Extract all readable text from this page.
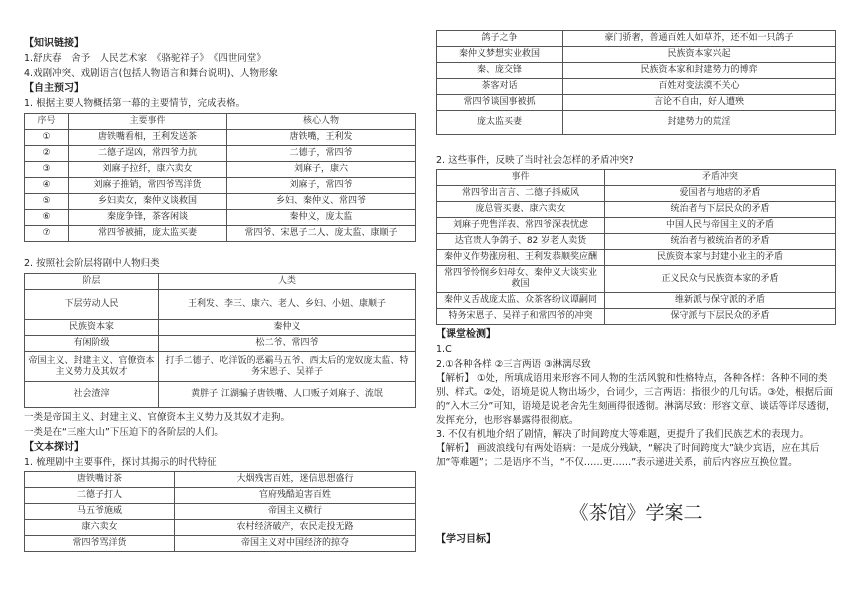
【知识链接】

1.舒庆春　舍予　人民艺术家　《骆驼祥子》　《四世同堂》

4.戏剧冲突、戏剧语言(包括人物语言和舞台说明)、人物形象

【自主预习】

1. 根据主要人物概括第一幕的主要情节，完成表格。

序号	主要事件	核心人物
①	唐铁嘴看相，王利发送茶	唐铁嘴，王利发
②	二德子逞凶，常四爷力抗	二德子，常四爷
③	刘麻子拉纤，康六卖女	刘麻子，康六
④	刘麻子推销，常四爷骂洋货	刘麻子，常四爷
⑤	乡妇卖女，秦仲义谈救国	乡妇、秦仲义、常四爷
⑥	秦庞争锋，茶客闲谈	秦仲义，庞太监
⑦	常四爷被捕，庞太监买妻	常四爷、宋恩子二人、庞太监、康顺子

2. 按照社会阶层将剧中人物归类

阶层	人类
下层劳动人民	王利发、李三、康六、老人、乡妇、小妞、康顺子
民族资本家	秦仲义
有闲阶级	松二爷、常四爷
帝国主义、封建主义、官僚资本主义势力及其奴才	打手二德子、吃洋饭的恶霸马五爷、西太后的宠奴庞太监、特务宋恩子、吴祥子
社会渣滓	黄胖子 江湖骗子唐铁嘴、人口贩子刘麻子、流氓

一类是帝国主义、封建主义、官僚资本主义势力及其奴才走狗。

一类是在“三座大山”下压迫下的各阶层的人们。

【文本探讨】

1. 梳理剧中主要事件，探讨其揭示的时代特征

唐铁嘴讨茶	大烟残害百姓，迷信思想盛行
二德子打人	官府残酷迫害百姓
马五爷施威	帝国主义横行
康六卖女	农村经济破产，农民走投无路
常四爷骂洋货	帝国主义对中国经济的掠夺
鸽子之争	豪门骄奢，普通百姓人如草芥，还不如一只鸽子
秦仲义梦想实业救国	民族资本家兴起
秦、庞交锋	民族资本家和封建势力的博弈
茶客对话	百姓对变法漠不关心
常四爷谈国事被抓	言论不自由，好人遭殃
庞太监买妻	封建势力的荒淫

2. 这些事件，反映了当时社会怎样的矛盾冲突?

事件	矛盾冲突
常四爷出言言、二德子抖威风	爱国者与地痞的矛盾
庞总管买妻、康六卖女	统治者与下层民众的矛盾
刘麻子兜售洋表、常四爷深表忧虑	中国人民与帝国主义的矛盾
达官贵人争鸽子、82 岁老人卖货	统治者与被统治者的矛盾
秦仲义作势涨房租、王利发恭顺奖应酬	民族资本家与封建小业主的矛盾
常四爷怜悯乡妇母女、秦仲义大谈实业救国	正义民众与民族资本家的矛盾
秦仲义舌战庞太监、众茶客纷议谭嗣同	维新派与保守派的矛盾
特务宋恩子、吴祥子和常四爷的冲突	保守派与下层民众的矛盾

【课堂检测】

1.C

2.①各种各样 ②三言两语 ③淋漓尽致

【解析】 ①处，所填成语用来形容不同人物的生活风貌和性格特点，各种各样：各种不同的类别、样式。②处，语境是说人物出场少，台词少，三言两语：指很少的几句话。③处，根据后面的“入木三分”可知，语境是说老舍先生刻画得很透彻。淋漓尽致：形容文章、谈话等详尽透彻，发挥充分，也形容暴露得很彻底。

3. 不仅有机地介绍了剧情，解决了时间跨度大等难题，更提升了我们民族艺术的表现力。

【解析】 画波浪线句有两处语病：一是成分残缺，“解决了时间跨度大”缺少宾语，应在其后加“等难题”；二是语序不当，“不仅……更……”表示递进关系，前后内容应互换位置。

《茶馆》学案二

【学习目标】
